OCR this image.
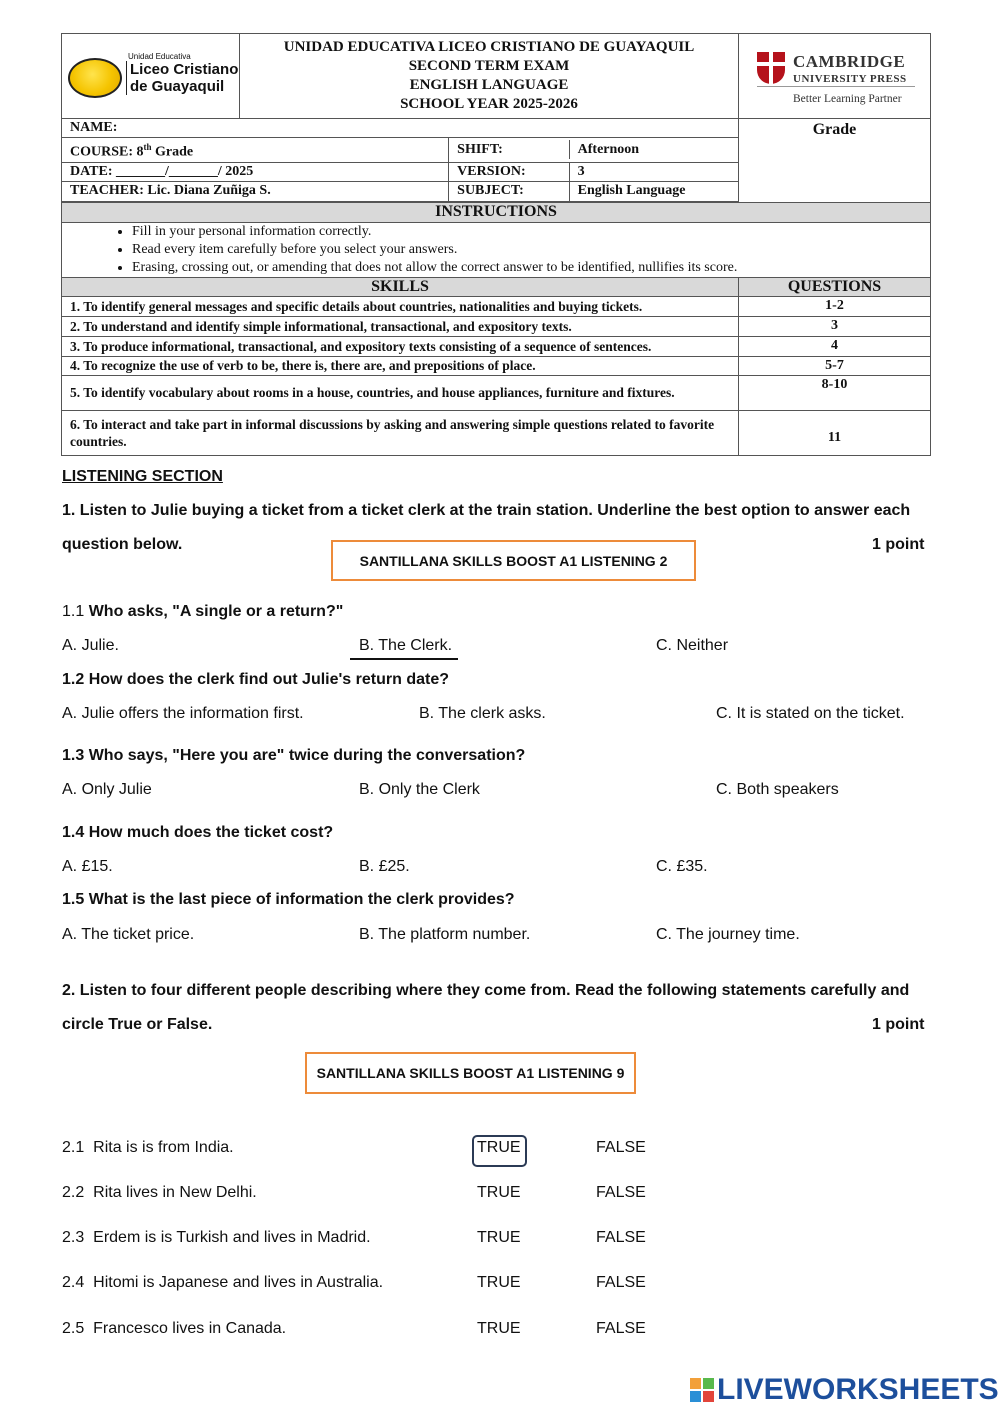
Unidad Educativa
Liceo Cristiano
de Guayaquil

UNIDAD EDUCATIVA LICEO CRISTIANO DE GUAYAQUIL
SECOND TERM EXAM
ENGLISH LANGUAGE
SCHOOL YEAR 2025-2026

CAMBRIDGE
UNIVERSITY PRESS
Better Learning Partner

NAME:	Grade
COURSE: 8th Grade		SHIFT:	Afternoon

DATE: _______/_______/ 2025		VERSION:	3

TEACHER: Lic. Diana Zuñiga S.		SUBJECT:	English Language

INSTRUCTIONS

• Fill in your personal information correctly.
• Read every item carefully before you select your answers.
• Erasing, crossing out, or amending that does not allow the correct answer to be identified, nullifies its score.

SKILLS	QUESTIONS
1. To identify general messages and specific details about countries, nationalities and buying tickets.	1-2
2. To understand and identify simple informational, transactional, and expository texts.	3
3. To produce informational, transactional, and expository texts consisting of a sequence of sentences.	4
4. To recognize the use of verb to be, there is, there are, and prepositions of place.	5-7
5. To identify vocabulary about rooms in a house, countries, and house appliances, furniture and fixtures.	8-10
6. To interact and take part in informal discussions by asking and answering simple questions related to favorite countries.	11
LISTENING SECTION
1. Listen to Julie buying a ticket from a ticket clerk at the train station. Underline the best option to answer each
question below.	1 point
SANTILLANA SKILLS BOOST A1 LISTENING 2
1.1 Who asks, "A single or a return?"
A. Julie.	B. The Clerk.	C. Neither
1.2 How does the clerk find out Julie's return date?
A. Julie offers the information first.	B. The clerk asks.	C. It is stated on the ticket.
1.3 Who says, "Here you are" twice during the conversation?
A. Only Julie	B. Only the Clerk	C. Both speakers
1.4 How much does the ticket cost?
A. £15.	B. £25.	C. £35.
1.5 What is the last piece of information the clerk provides?
A. The ticket price.	B. The platform number.	C. The journey time.
2. Listen to four different people describing where they come from. Read the following statements carefully and
circle True or False.	1 point
SANTILLANA SKILLS BOOST A1 LISTENING 9
2.1 Rita is is from India.	TRUE	FALSE
2.2 Rita lives in New Delhi.	TRUE	FALSE
2.3 Erdem is is Turkish and lives in Madrid.	TRUE	FALSE
2.4 Hitomi is Japanese and lives in Australia.	TRUE	FALSE
2.5 Francesco lives in Canada.	TRUE	FALSE
LIVEWORKSHEETS
